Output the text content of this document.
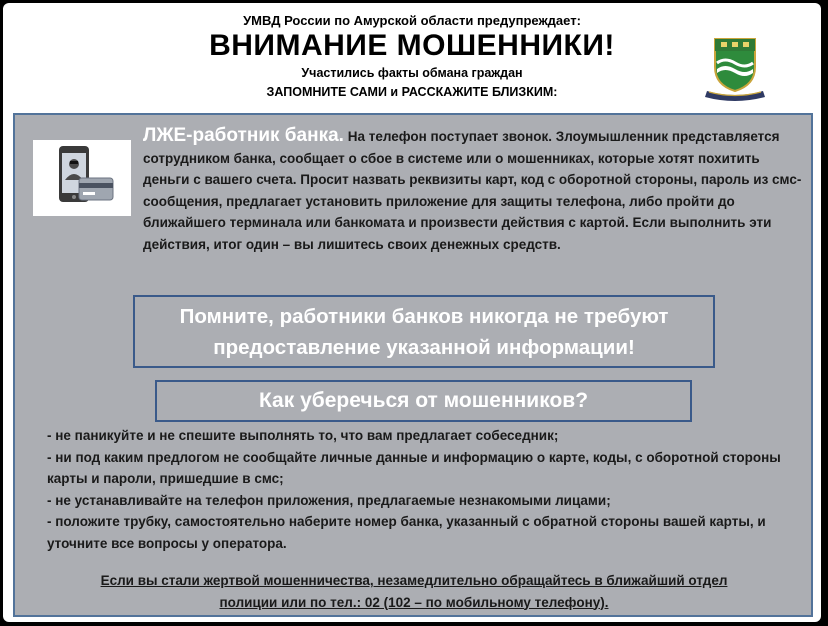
УМВД России по Амурской области предупреждает:
ВНИМАНИЕ МОШЕННИКИ!
Участились факты обмана граждан
ЗАПОМНИТЕ САМИ и РАССКАЖИТЕ БЛИЗКИМ:
ЛЖЕ-работник банка. На телефон поступает звонок. Злоумышленник представляется сотрудником банка, сообщает о сбое в системе или о мошенниках, которые хотят похитить деньги с вашего счета. Просит назвать реквизиты карт, код с оборотной стороны, пароль из смс-сообщения, предлагает установить приложение для защиты телефона, либо пройти до ближайшего терминала или банкомата и произвести действия с картой. Если выполнить эти действия, итог один – вы лишитесь своих денежных средств.
Помните, работники банков никогда не требуют
предоставление указанной информации!
Как уберечься от мошенников?

- не паникуйте и не спешите выполнять то, что вам предлагает собеседник;

- ни под каким предлогом не сообщайте личные данные и информацию о карте, коды, с оборотной стороны карты и пароли, пришедшие в смс;

- не устанавливайте на телефон приложения, предлагаемые незнакомыми лицами;

- положите трубку, самостоятельно наберите номер банка, указанный с обратной стороны вашей карты, и уточните все вопросы у оператора.

Если вы стали жертвой мошенничества, незамедлительно обращайтесь в ближайший отдел
полиции или по тел.: 02 (102 – по мобильному телефону).
